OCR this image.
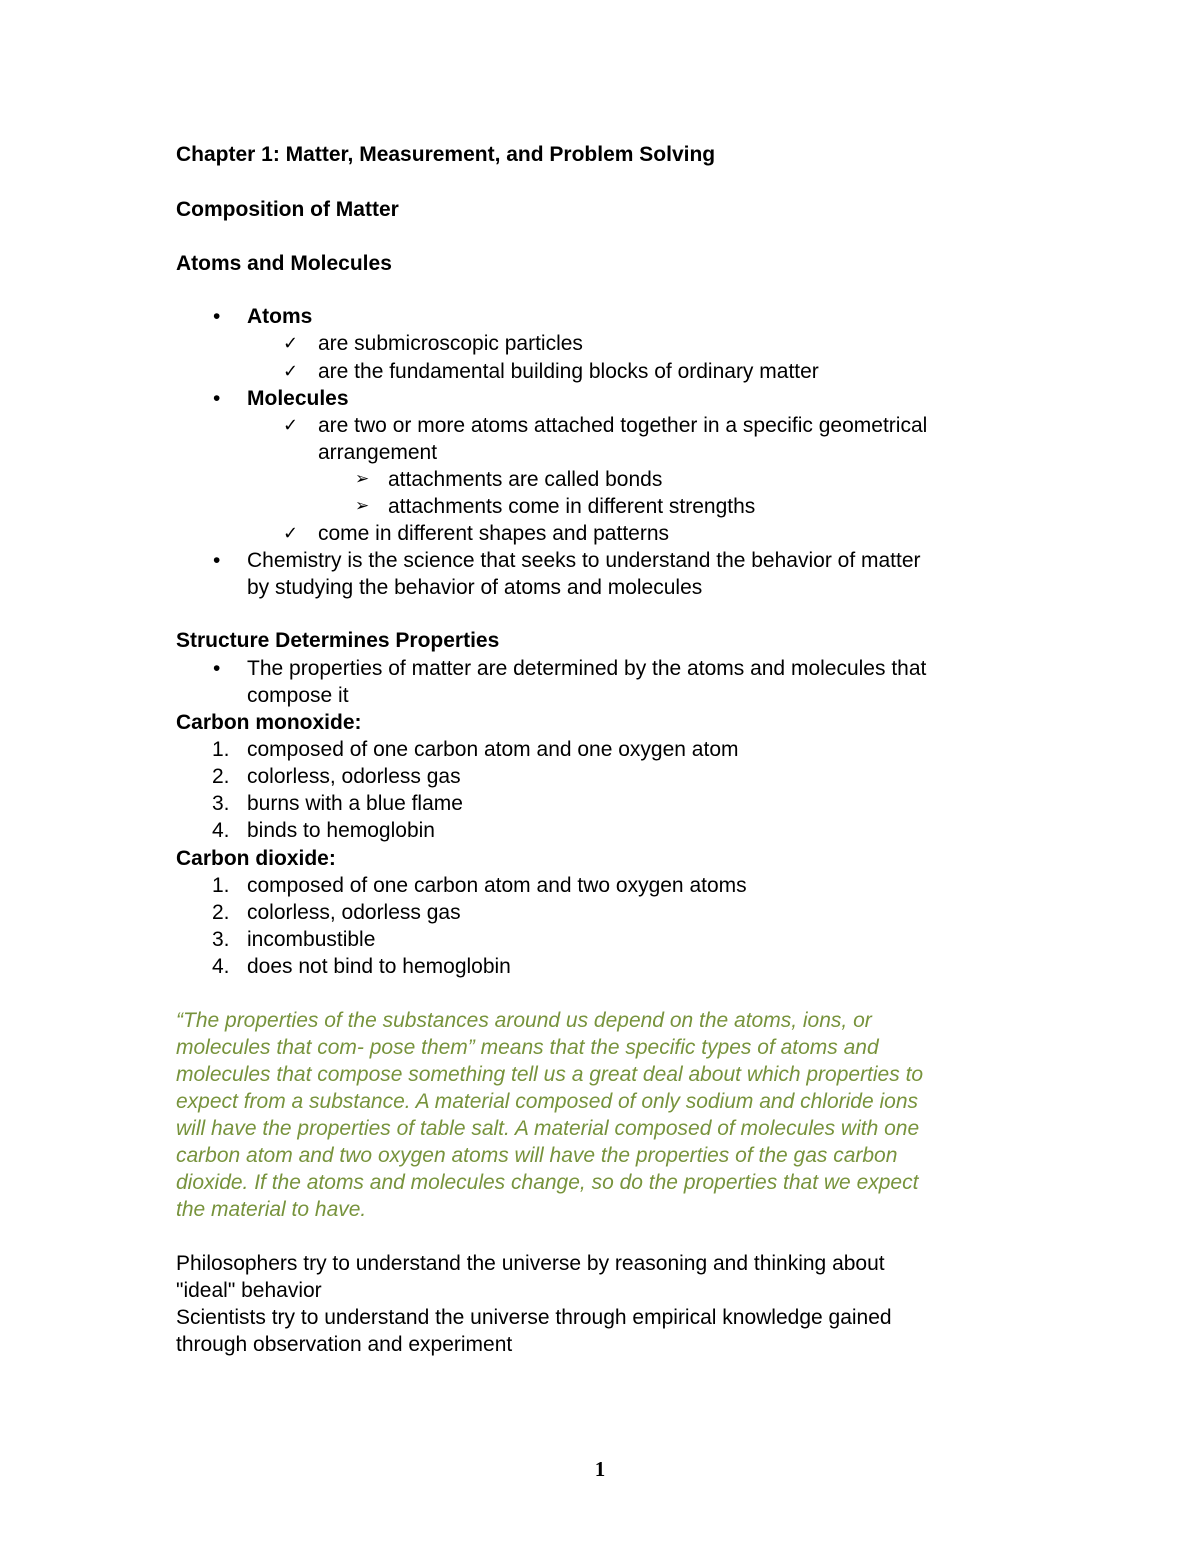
Chapter 1: Matter, Measurement, and Problem Solving
Composition of Matter
Atoms and Molecules
• Atoms
✓ are submicroscopic particles
✓ are the fundamental building blocks of ordinary matter
• Molecules
✓ are two or more atoms attached together in a specific geometrical
arrangement
➢ attachments are called bonds
➢ attachments come in different strengths
✓ come in different shapes and patterns
• Chemistry is the science that seeks to understand the behavior of matter
by studying the behavior of atoms and molecules
Structure Determines Properties
• The properties of matter are determined by the atoms and molecules that
compose it
Carbon monoxide:
1. composed of one carbon atom and one oxygen atom
2. colorless, odorless gas
3. burns with a blue flame
4. binds to hemoglobin
Carbon dioxide:
1. composed of one carbon atom and two oxygen atoms
2. colorless, odorless gas
3. incombustible
4. does not bind to hemoglobin
“The properties of the substances around us depend on the atoms, ions, or
molecules that com- pose them” means that the specific types of atoms and
molecules that compose something tell us a great deal about which properties to
expect from a substance. A material composed of only sodium and chloride ions
will have the properties of table salt. A material composed of molecules with one
carbon atom and two oxygen atoms will have the properties of the gas carbon
dioxide. If the atoms and molecules change, so do the properties that we expect
the material to have.
Philosophers try to understand the universe by reasoning and thinking about
"ideal" behavior
Scientists try to understand the universe through empirical knowledge gained
through observation and experiment
1
